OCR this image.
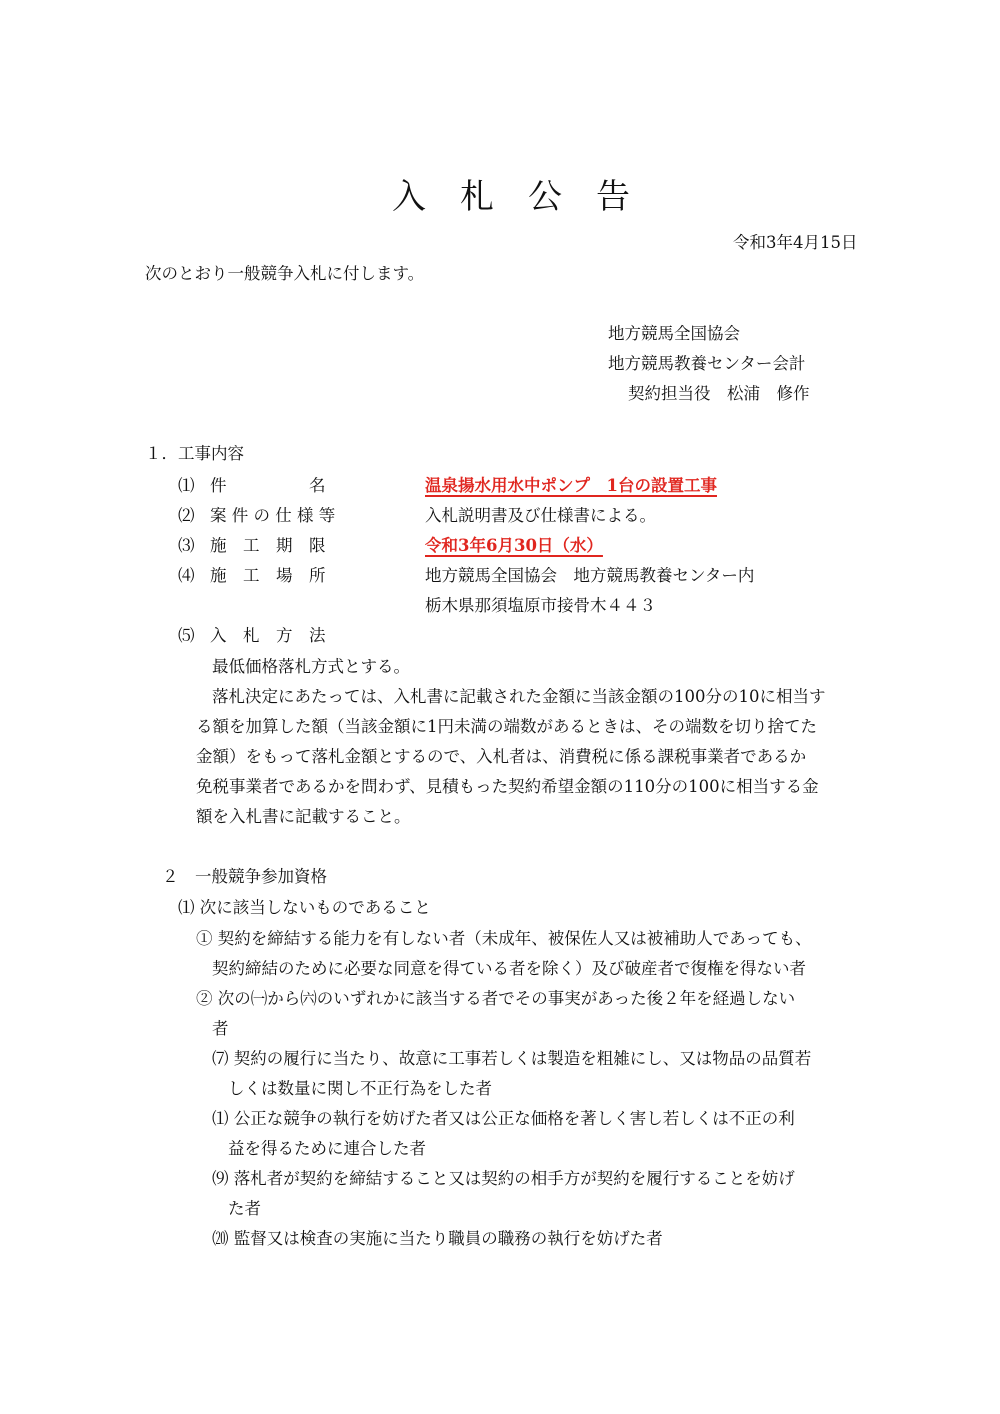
入　札　公　告
令和3年4月15日
次のとおり一般競争入札に付します。
地方競馬全国協会
地方競馬教養センター会計
契約担当役　松浦　修作
１．工事内容
⑴ 件　　　　　名	温泉揚水用水中ポンプ　1台の設置工事
⑵ 案 件 の 仕 様 等	入札説明書及び仕様書による。
⑶ 施　工　期　限	令和3年6月30日（水）
⑷ 施　工　場　所	地方競馬全国協会　地方競馬教養センター内
栃木県那須塩原市接骨木４４３
⑸ 入　札　方　法
最低価格落札方式とする。
落札決定にあたっては、入札書に記載された金額に当該金額の100分の10に相当す
る額を加算した額（当該金額に1円未満の端数があるときは、その端数を切り捨てた
金額）をもって落札金額とするので、入札者は、消費税に係る課税事業者であるか
免税事業者であるかを問わず、見積もった契約希望金額の110分の100に相当する金
額を入札書に記載すること。
２　一般競争参加資格
⑴ 次に該当しないものであること
① 契約を締結する能力を有しない者（未成年、被保佐人又は被補助人であっても、
契約締結のために必要な同意を得ている者を除く）及び破産者で復権を得ない者
② 次の㈠から㈥のいずれかに該当する者でその事実があった後２年を経過しない
者
⑺ 契約の履行に当たり、故意に工事若しくは製造を粗雑にし、又は物品の品質若
しくは数量に関し不正行為をした者
⑴ 公正な競争の執行を妨げた者又は公正な価格を著しく害し若しくは不正の利
益を得るために連合した者
⑼ 落札者が契約を締結すること又は契約の相手方が契約を履行することを妨げ
た者
⒇ 監督又は検査の実施に当たり職員の職務の執行を妨げた者
